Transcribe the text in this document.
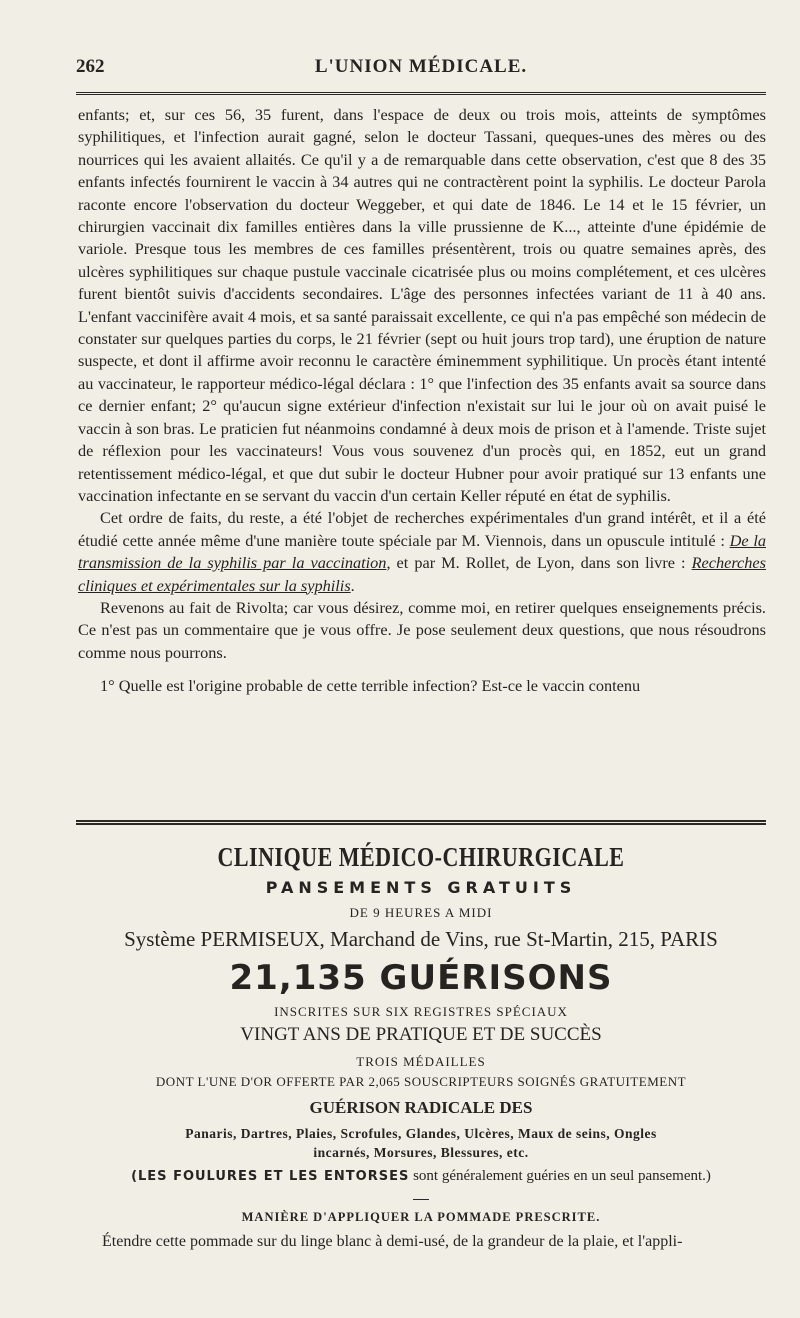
262	L'UNION MÉDICALE.

enfants; et, sur ces 56, 35 furent, dans l'espace de deux ou trois mois, atteints de symptômes syphilitiques, et l'infection aurait gagné, selon le docteur Tassani, queques-unes des mères ou des nourrices qui les avaient allaités. Ce qu'il y a de remarquable dans cette observation, c'est que 8 des 35 enfants infectés fournirent le vaccin à 34 autres qui ne contractèrent point la syphilis. Le docteur Parola raconte encore l'observation du docteur Weggeber, et qui date de 1846. Le 14 et le 15 février, un chirurgien vaccinait dix familles entières dans la ville prussienne de K..., atteinte d'une épidémie de variole. Presque tous les membres de ces familles présentèrent, trois ou quatre semaines après, des ulcères syphilitiques sur chaque pustule vaccinale cicatrisée plus ou moins complétement, et ces ulcères furent bientôt suivis d'accidents secondaires. L'âge des personnes infectées variant de 11 à 40 ans. L'enfant vaccinifère avait 4 mois, et sa santé paraissait excellente, ce qui n'a pas empêché son médecin de constater sur quelques parties du corps, le 21 février (sept ou huit jours trop tard), une éruption de nature suspecte, et dont il affirme avoir reconnu le caractère éminemment syphilitique. Un procès étant intenté au vaccinateur, le rapporteur médico-légal déclara : 1° que l'infection des 35 enfants avait sa source dans ce dernier enfant; 2° qu'aucun signe extérieur d'infection n'existait sur lui le jour où on avait puisé le vaccin à son bras. Le praticien fut néanmoins condamné à deux mois de prison et à l'amende. Triste sujet de réflexion pour les vaccinateurs! Vous vous souvenez d'un procès qui, en 1852, eut un grand retentissement médico-légal, et que dut subir le docteur Hubner pour avoir pratiqué sur 13 enfants une vaccination infectante en se servant du vaccin d'un certain Keller réputé en état de syphilis.

Cet ordre de faits, du reste, a été l'objet de recherches expérimentales d'un grand intérêt, et il a été étudié cette année même d'une manière toute spéciale par M. Viennois, dans un opuscule intitulé : De la transmission de la syphilis par la vaccination, et par M. Rollet, de Lyon, dans son livre : Recherches cliniques et expérimentales sur la syphilis.

Revenons au fait de Rivolta; car vous désirez, comme moi, en retirer quelques enseignements précis. Ce n'est pas un commentaire que je vous offre. Je pose seulement deux questions, que nous résoudrons comme nous pourrons.

1° Quelle est l'origine probable de cette terrible infection? Est-ce le vaccin contenu

CLINIQUE MÉDICO-CHIRURGICALE
PANSEMENTS GRATUITS
DE 9 HEURES A MIDI
Système PERMISEUX, Marchand de Vins, rue St-Martin, 215, PARIS
21,135 GUÉRISONS
INSCRITES SUR SIX REGISTRES SPÉCIAUX
VINGT ANS DE PRATIQUE ET DE SUCCÈS
TROIS MÉDAILLES
DONT L'UNE D'OR OFFERTE PAR 2,065 SOUSCRIPTEURS SOIGNÉS GRATUITEMENT
GUÉRISON RADICALE DES
Panaris, Dartres, Plaies, Scrofules, Glandes, Ulcères, Maux de seins, Ongles
incarnés, Morsures, Blessures, etc.
(LES FOULURES ET LES ENTORSES sont généralement guéries en un seul pansement.)
MANIÈRE D'APPLIQUER LA POMMADE PRESCRITE.
Étendre cette pommade sur du linge blanc à demi-usé, de la grandeur de la plaie, et l'appli-
